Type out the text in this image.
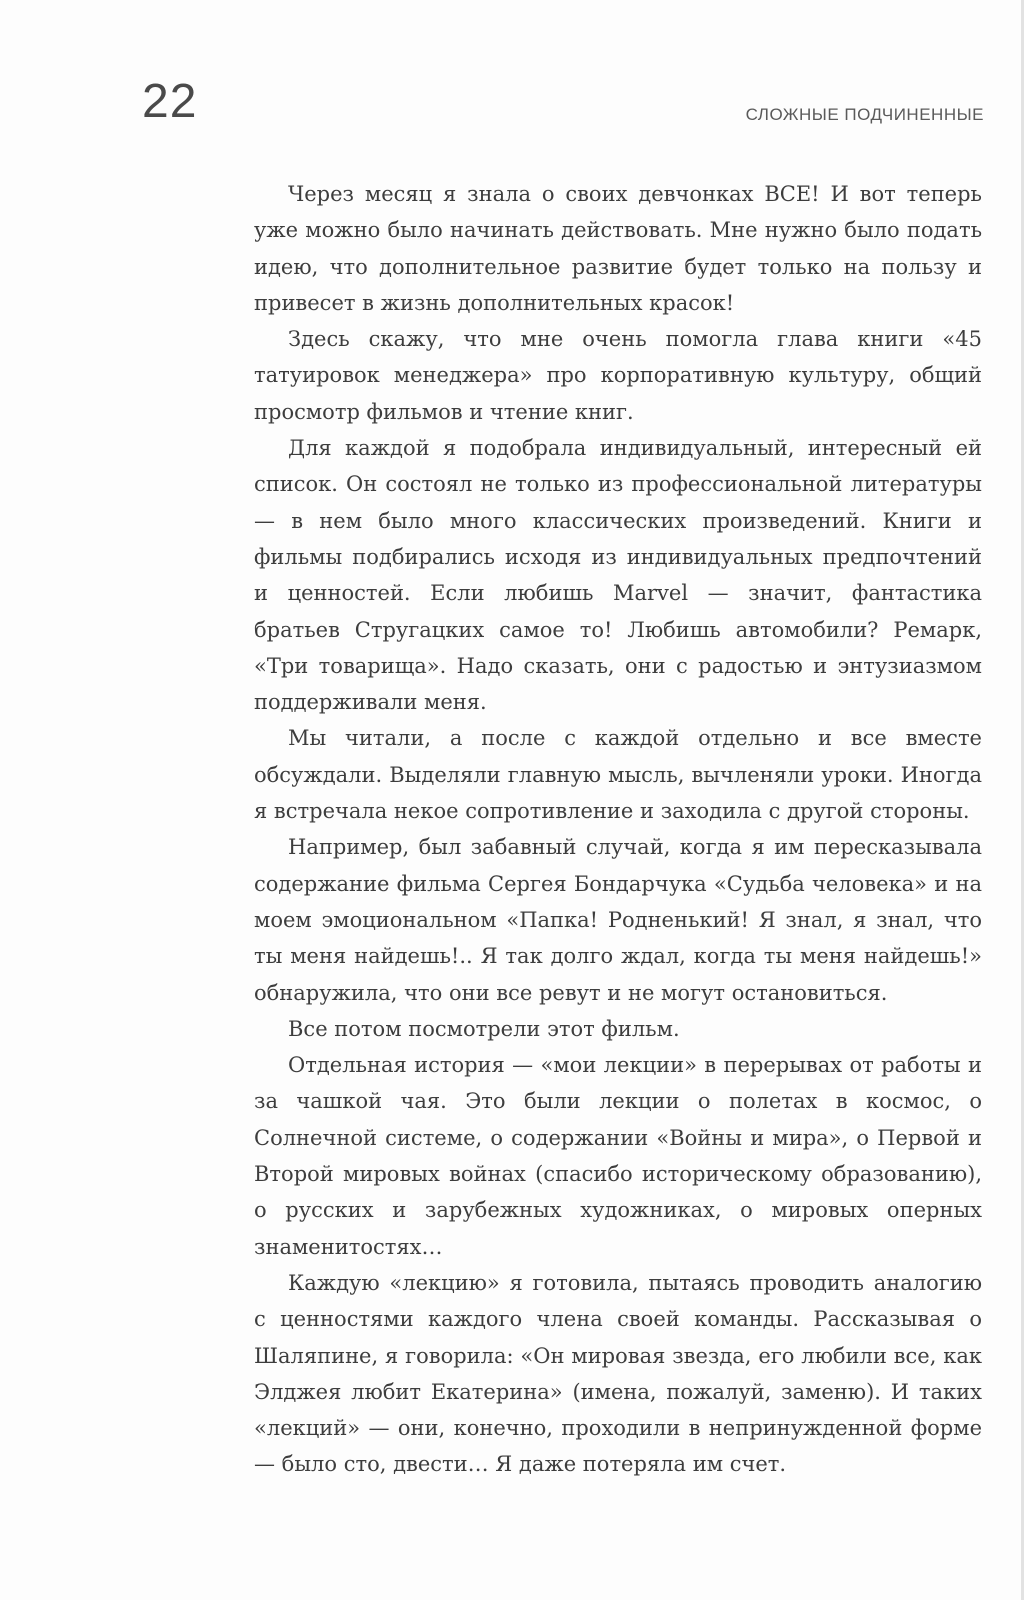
22	СЛОЖНЫЕ ПОДЧИНЕННЫЕ

Через месяц я знала о своих девчонках ВСЕ! И вот теперь уже можно было начинать действовать. Мне нужно было подать идею, что дополнительное развитие будет только на пользу и привесет в жизнь дополнительных красок!

Здесь скажу, что мне очень помогла глава книги «45 татуировок менеджера» про корпоративную культуру, общий просмотр фильмов и чтение книг.

Для каждой я подобрала индивидуальный, интересный ей список. Он состоял не только из профессиональной литературы — в нем было много классических произведений. Книги и фильмы подбирались исходя из индивидуальных предпочтений и ценностей. Если любишь Marvel — значит, фантастика братьев Стругацких самое то! Любишь автомобили? Ремарк, «Три товарища». Надо сказать, они с радостью и энтузиазмом поддерживали меня.

Мы читали, а после с каждой отдельно и все вместе обсуждали. Выделяли главную мысль, вычленяли уроки. Иногда я встречала некое сопротивление и заходила с другой стороны.

Например, был забавный случай, когда я им пересказывала содержание фильма Сергея Бондарчука «Судьба человека» и на моем эмоциональном «Папка! Родненький! Я знал, я знал, что ты меня найдешь!.. Я так долго ждал, когда ты меня найдешь!» обнаружила, что они все ревут и не могут остановиться.

Все потом посмотрели этот фильм.

Отдельная история — «мои лекции» в перерывах от работы и за чашкой чая. Это были лекции о полетах в космос, о Солнечной системе, о содержании «Войны и мира», о Первой и Второй мировых войнах (спасибо историческому образованию), о русских и зарубежных художниках, о мировых оперных знаменитостях…

Каждую «лекцию» я готовила, пытаясь проводить аналогию с ценностями каждого члена своей команды. Рассказывая о Шаляпине, я говорила: «Он мировая звезда, его любили все, как Элджея любит Екатерина» (имена, пожалуй, заменю). И таких «лекций» — они, конечно, проходили в непринужденной форме — было сто, двести… Я даже потеряла им счет.
